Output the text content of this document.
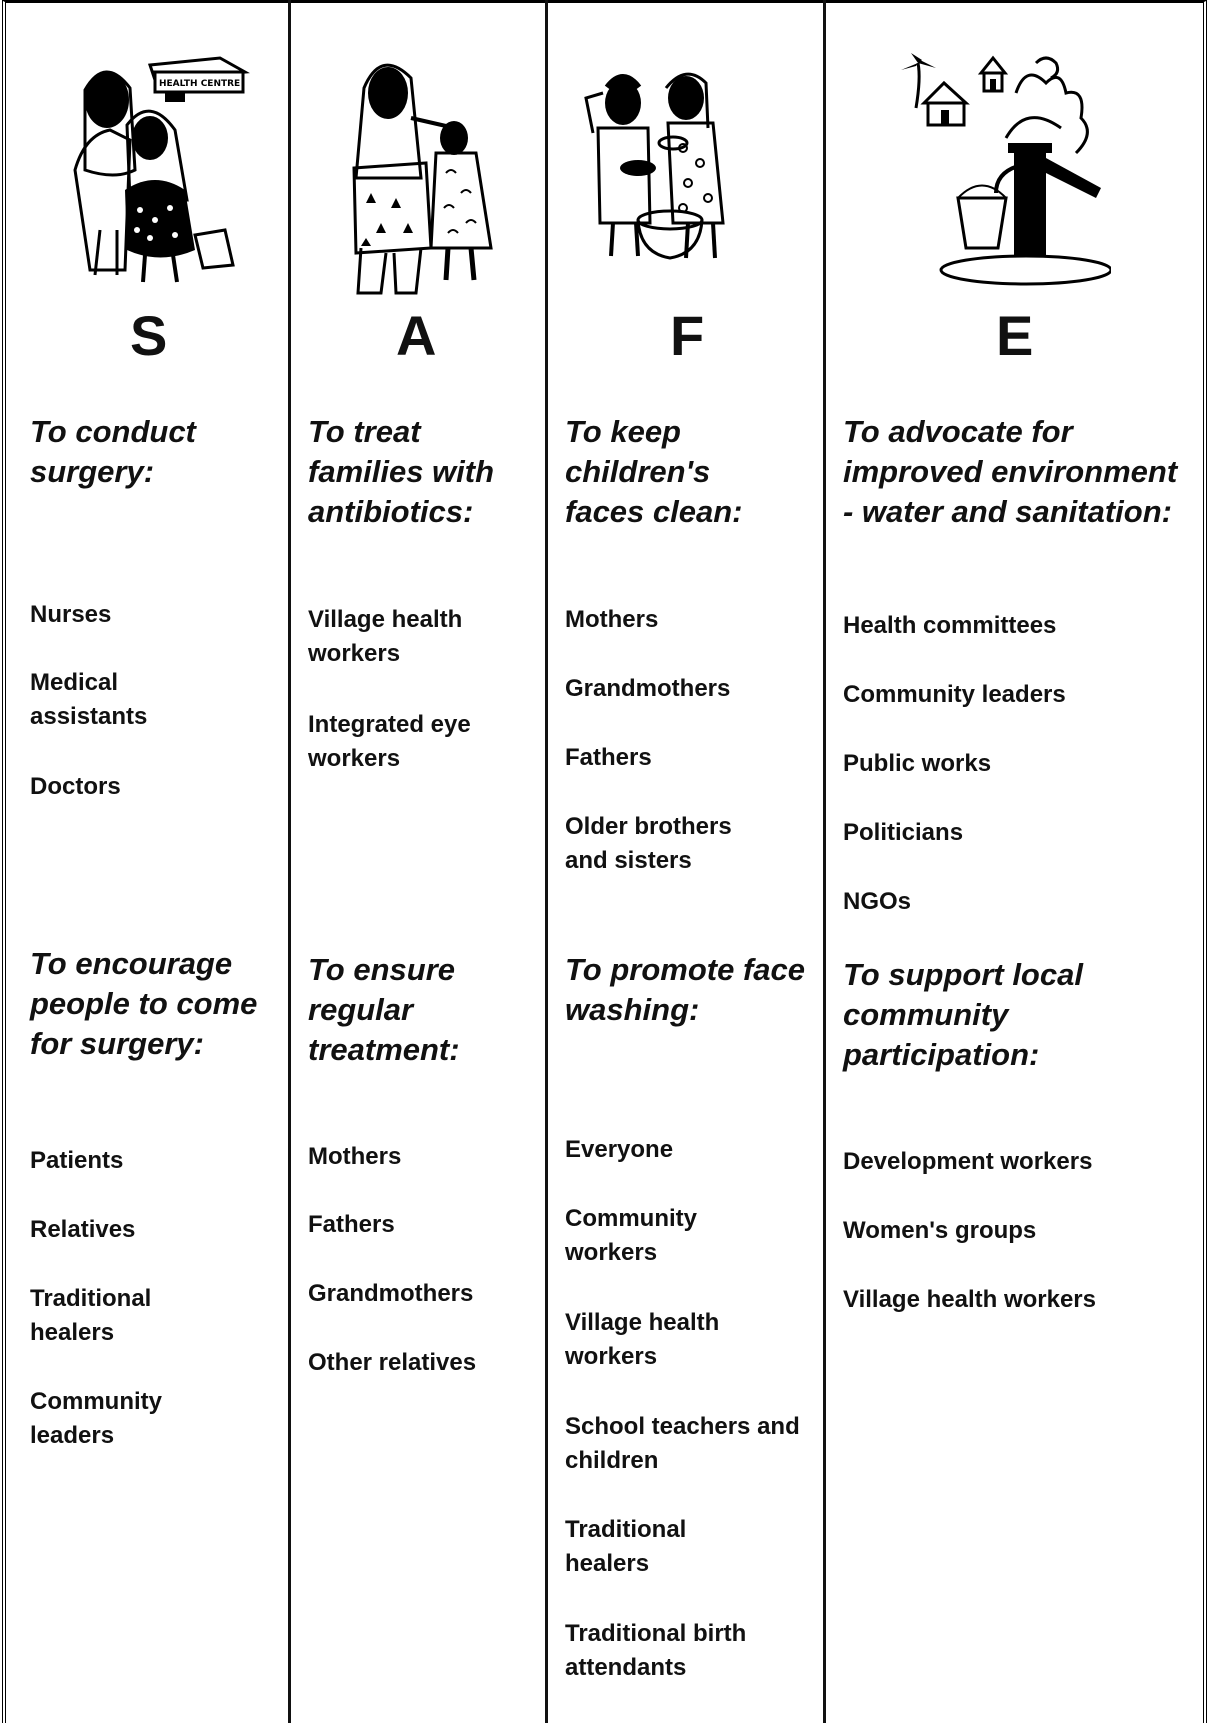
HEALTH CENTRE
S
To conduct surgery:
Nurses
Medical assistants
Doctors
To encourage people to come for surgery:
Patients
Relatives
Traditional healers
Community leaders
A
To treat families with antibiotics:
Village health workers
Integrated eye workers
To ensure regular treatment:
Mothers
Fathers
Grandmothers
Other relatives
F
To keep children's faces clean:
Mothers
Grandmothers
Fathers
Older brothers and sisters
To promote face washing:
Everyone
Community workers
Village health workers
School teachers and children
Traditional healers
Traditional birth attendants
E
To advocate for improved environment - water and sanitation:
Health committees
Community leaders
Public works
Politicians
NGOs
To support local community participation:
Development workers
Women's groups
Village health workers
